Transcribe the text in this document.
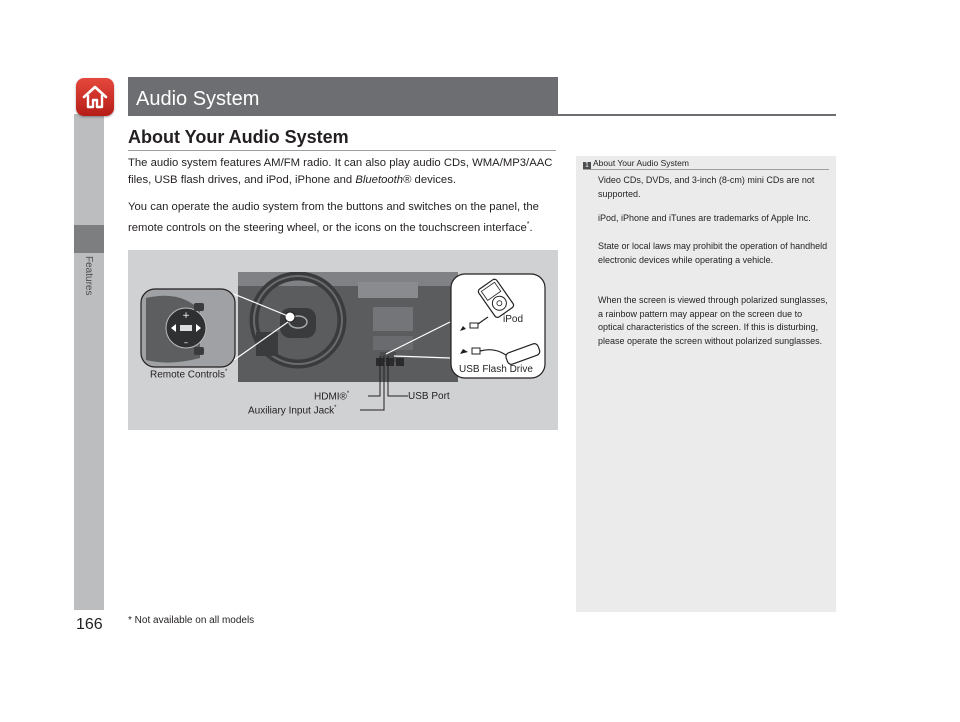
Features
Audio System
About Your Audio System
The audio system features AM/FM radio. It can also play audio CDs, WMA/MP3/AAC files, USB flash drives, and iPod, iPhone and Bluetooth® devices.
You can operate the audio system from the buttons and switches on the panel, the remote controls on the steering wheel, or the icons on the touchscreen interface*.
1 About Your Audio System
Video CDs, DVDs, and 3-inch (8-cm) mini CDs are not supported.
iPod, iPhone and iTunes are trademarks of Apple Inc.
State or local laws may prohibit the operation of handheld electronic devices while operating a vehicle.
When the screen is viewed through polarized sunglasses, a rainbow pattern may appear on the screen due to optical characteristics of the screen. If this is disturbing, please operate the screen without polarized sunglasses.
+
–
Remote Controls*
iPod
USB Flash Drive
USB Port
HDMI®*
Auxiliary Input Jack*
166	* Not available on all models
